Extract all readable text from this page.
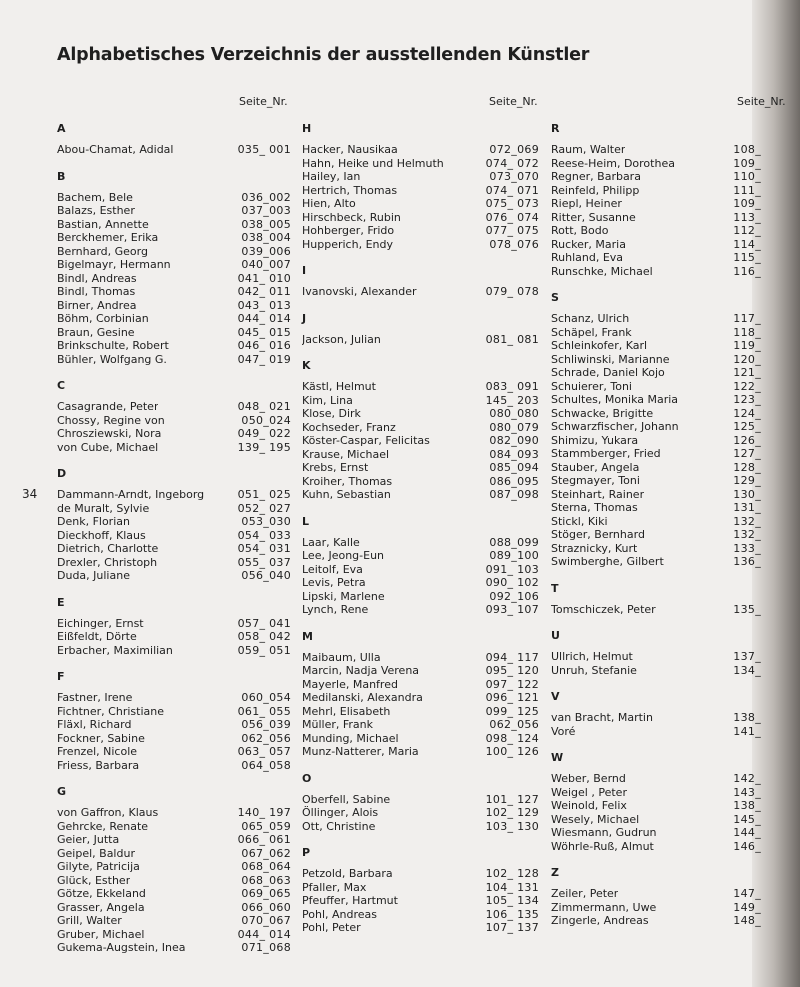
Alphabetisches Verzeichnis der ausstellenden Künstler
34
Seite_Nr.
A
Abou-Chamat, Adidal	035_ 001
B
Bachem, Bele	036_002
Balazs, Esther	037_003
Bastian, Annette	038_005
Berckhemer, Erika	038_004
Bernhard, Georg	039_006
Bigelmayr, Hermann	040_007
Bindl, Andreas	041_ 010
Bindl, Thomas	042_ 011
Birner, Andrea	043_ 013
Böhm, Corbinian	044_ 014
Braun, Gesine	045_ 015
Brinkschulte, Robert	046_ 016
Bühler, Wolfgang G.	047_ 019
C
Casagrande, Peter	048_ 021
Chossy, Regine von	050_024
Chrosziewski, Nora	049_ 022
von Cube, Michael	139_ 195
D
Dammann-Arndt, Ingeborg	051_ 025
de Muralt, Sylvie	052_ 027
Denk, Florian	053_030
Dieckhoff, Klaus	054_ 033
Dietrich, Charlotte	054_ 031
Drexler, Christoph	055_ 037
Duda, Juliane	056_040
E
Eichinger, Ernst	057_ 041
Eißfeldt, Dörte	058_ 042
Erbacher, Maximilian	059_ 051
F
Fastner, Irene	060_054
Fichtner, Christiane	061_ 055
Fläxl, Richard	056_039
Fockner, Sabine	062_056
Frenzel, Nicole	063_ 057
Friess, Barbara	064_058
G
von Gaffron, Klaus	140_ 197
Gehrcke, Renate	065_059
Geier, Jutta	066_ 061
Geipel, Baldur	067_062
Gilyte, Patricija	068_064
Glück, Esther	068_063
Götze, Ekkeland	069_065
Grasser, Angela	066_060
Grill, Walter	070_067
Gruber, Michael	044_ 014
Gukema-Augstein, Inea	071_068
Seite_Nr.
H
Hacker, Nausikaa	072_069
Hahn, Heike und Helmuth	074_ 072
Hailey, Ian	073_070
Hertrich, Thomas	074_ 071
Hien, Alto	075_ 073
Hirschbeck, Rubin	076_ 074
Hohberger, Frido	077_ 075
Hupperich, Endy	078_076
I
Ivanovski, Alexander	079_ 078
J
Jackson, Julian	081_ 081
K
Kästl, Helmut	083_ 091
Kim, Lina	145_ 203
Klose, Dirk	080_080
Kochseder, Franz	080_079
Köster-Caspar, Felicitas	082_090
Krause, Michael	084_093
Krebs, Ernst	085_094
Kroiher, Thomas	086_095
Kuhn, Sebastian	087_098
L
Laar, Kalle	088_099
Lee, Jeong-Eun	089_100
Leitolf, Eva	091_ 103
Levis, Petra	090_ 102
Lipski, Marlene	092_106
Lynch, Rene	093_ 107
M
Maibaum, Ulla	094_ 117
Marcin, Nadja Verena	095_ 120
Mayerle, Manfred	097_ 122
Medilanski, Alexandra	096_ 121
Mehrl, Elisabeth	099_ 125
Müller, Frank	062_056
Munding, Michael	098_ 124
Munz-Natterer, Maria	100_ 126
O
Oberfell, Sabine	101_ 127
Öllinger, Alois	102_ 129
Ott, Christine	103_ 130
P
Petzold, Barbara	102_ 128
Pfaller, Max	104_ 131
Pfeuffer, Hartmut	105_ 134
Pohl, Andreas	106_ 135
Pohl, Peter	107_ 137
Seite_Nr.
R
Raum, Walter	108_
Reese-Heim, Dorothea	109_
Regner, Barbara	110_
Reinfeld, Philipp	111_
Riepl, Heiner	109_
Ritter, Susanne	113_
Rott, Bodo	112_
Rucker, Maria	114_
Ruhland, Eva	115_
Runschke, Michael	116_
S
Schanz, Ulrich	117_
Schäpel, Frank	118_
Schleinkofer, Karl	119_
Schliwinski, Marianne	120_
Schrade, Daniel Kojo	121_
Schuierer, Toni	122_
Schultes, Monika Maria	123_
Schwacke, Brigitte	124_
Schwarzfischer, Johann	125_
Shimizu, Yukara	126_
Stammberger, Fried	127_
Stauber, Angela	128_
Stegmayer, Toni	129_
Steinhart, Rainer	130_
Sterna, Thomas	131_
Stickl, Kiki	132_
Stöger, Bernhard	132_
Straznicky, Kurt	133_
Swimberghe, Gilbert	136_
T
Tomschiczek, Peter	135_
U
Ullrich, Helmut	137_
Unruh, Stefanie	134_
V
van Bracht, Martin	138_
Voré	141_
W
Weber, Bernd	142_
Weigel , Peter	143_
Weinold, Felix	138_
Wesely, Michael	145_
Wiesmann, Gudrun	144_
Wöhrle-Ruß, Almut	146_
Z
Zeiler, Peter	147_
Zimmermann, Uwe	149_
Zingerle, Andreas	148_
